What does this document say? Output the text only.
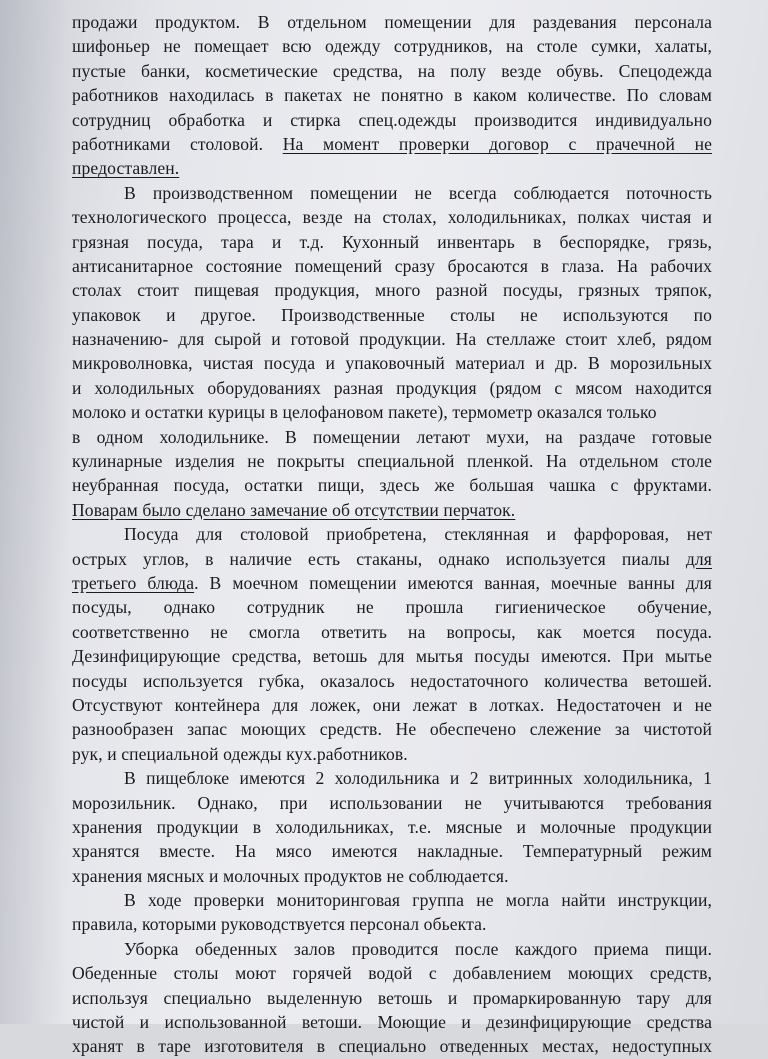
продажи продуктом. В отдельном помещении для раздевания персонала
шифоньер не помещает всю одежду сотрудников, на столе сумки, халаты,
пустые банки, косметические средства, на полу везде обувь. Спецодежда
работников находилась в пакетах не понятно в каком количестве. По словам
сотрудниц обработка и стирка спец.одежды производится индивидуально
работниками столовой. На момент проверки договор с прачечной не
предоставлен.
В производственном помещении не всегда соблюдается поточность
технологического процесса, везде на столах, холодильниках, полках чистая и
грязная посуда, тара и т.д. Кухонный инвентарь в беспорядке, грязь,
антисанитарное состояние помещений сразу бросаются в глаза. На рабочих
столах стоит пищевая продукция, много разной посуды, грязных тряпок,
упаковок и другое. Производственные столы не используются по
назначению- для сырой и готовой продукции. На стеллаже стоит хлеб, рядом
микроволновка, чистая посуда и упаковочный материал и др. В морозильных
и холодильных оборудованиях разная продукция (рядом с мясом находится
молоко и остатки курицы в целофановом пакете), термометр оказался только
в одном холодильнике. В помещении летают мухи, на раздаче готовые
кулинарные изделия не покрыты специальной пленкой. На отдельном столе
неубранная посуда, остатки пищи, здесь же большая чашка с фруктами.
Поварам было сделано замечание об отсутствии перчаток.
Посуда для столовой приобретена, стеклянная и фарфоровая, нет
острых углов, в наличие есть стаканы, однако используется пиалы для
третьего блюда. В моечном помещении имеются ванная, моечные ванны для
посуды, однако сотрудник не прошла гигиеническое обучение,
соответственно не смогла ответить на вопросы, как моется посуда.
Дезинфицирующие средства, ветошь для мытья посуды имеются. При мытье
посуды используется губка, оказалось недостаточного количества ветошей.
Отсуствуют контейнера для ложек, они лежат в лотках. Недостаточен и не
разнообразен запас моющих средств. Не обеспечено слежение за чистотой
рук, и специальной одежды кух.работников.
В пищеблоке имеются 2 холодильника и 2 витринных холодильника, 1
морозильник. Однако, при использовании не учитываются требования
хранения продукции в холодильниках, т.е. мясные и молочные продукции
хранятся вместе. На мясо имеются накладные. Температурный режим
хранения мясных и молочных продуктов не соблюдается.
В ходе проверки мониторинговая группа не могла найти инструкции,
правила, которыми руководствуется персонал обьекта.
Уборка обеденных залов проводится после каждого приема пищи.
Обеденные столы моют горячей водой с добавлением моющих средств,
используя специально выделенную ветошь и промаркированную тару для
чистой и использованной ветоши. Моющие и дезинфицирующие средства
хранят в таре изготовителя в специально отведенных местах, недоступных
